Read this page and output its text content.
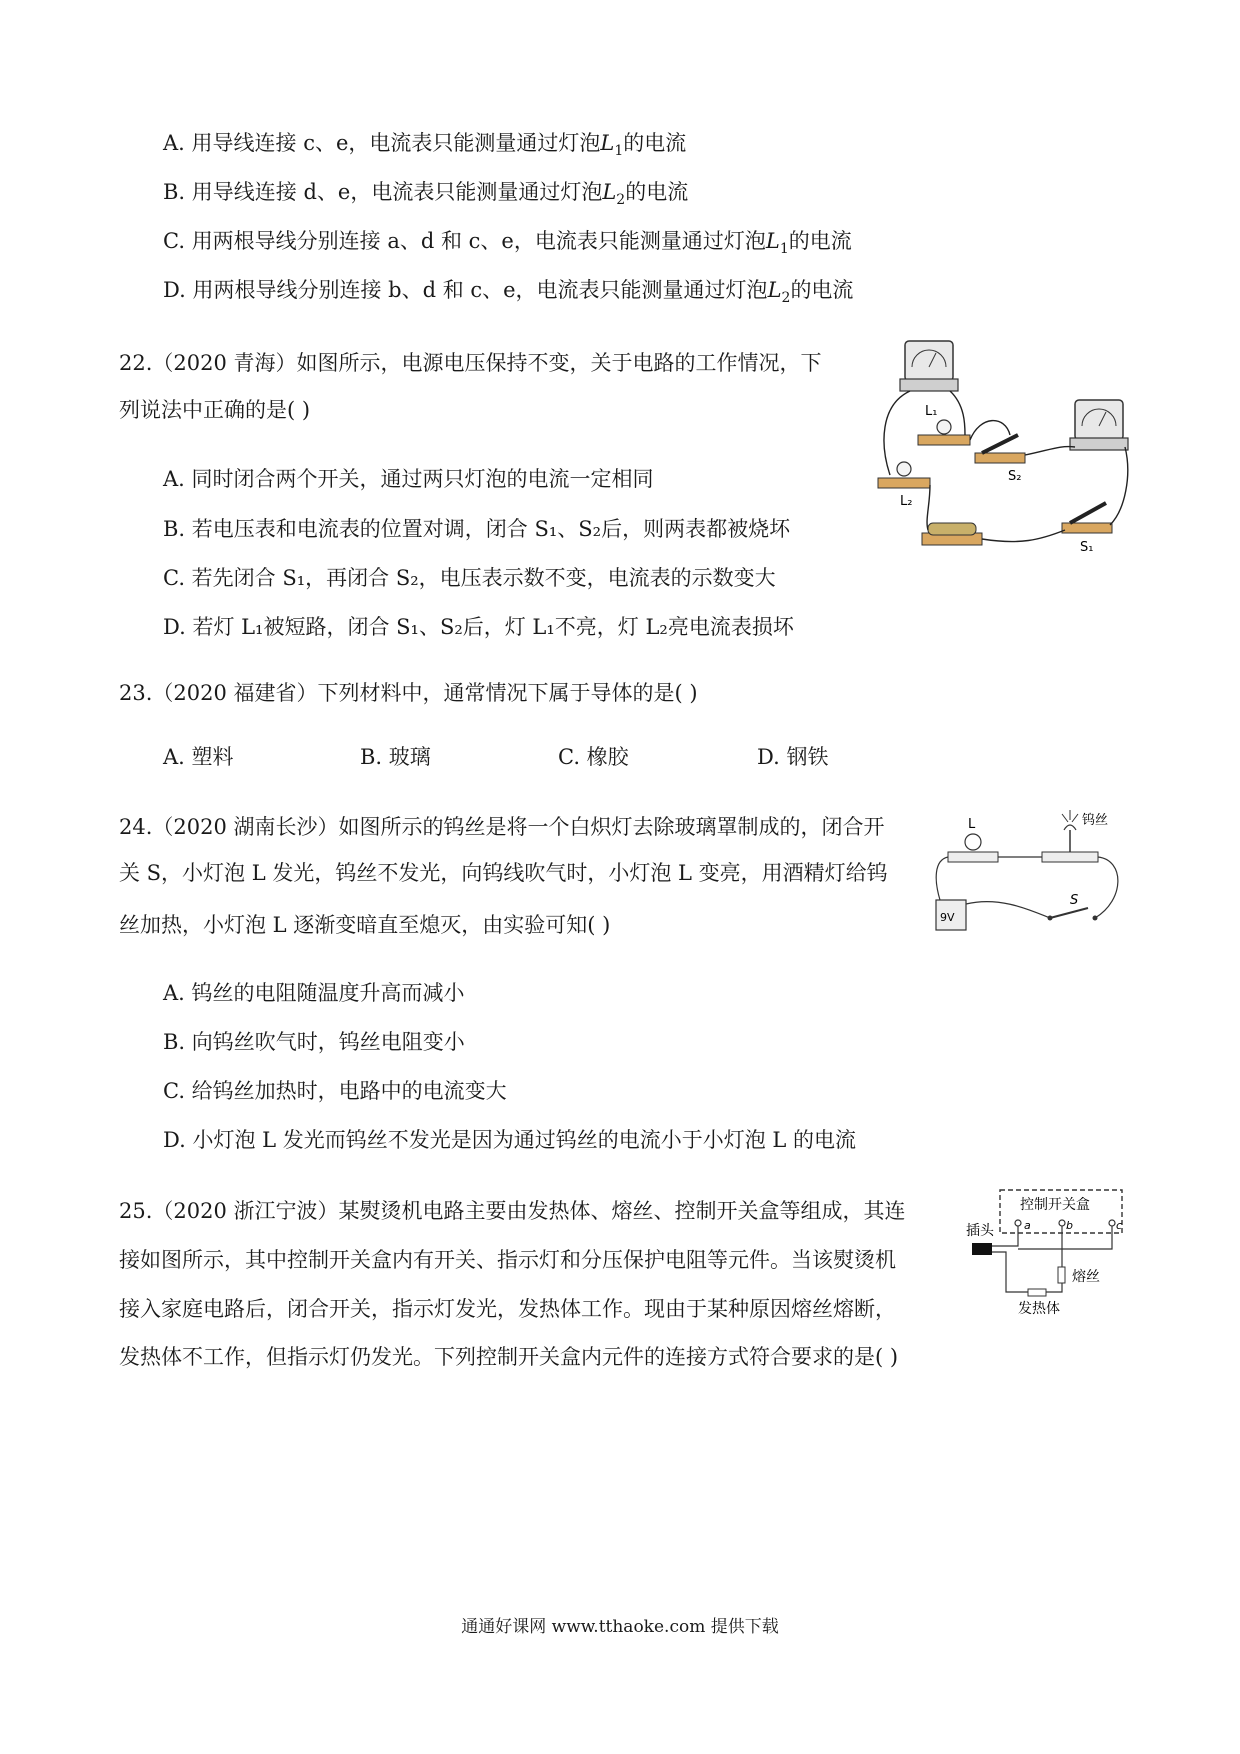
A. 用导线连接 c、e，电流表只能测量通过灯泡$L_1$的电流
B. 用导线连接 d、e，电流表只能测量通过灯泡$L_2$的电流
C. 用两根导线分别连接 a、d 和 c、e，电流表只能测量通过灯泡$L_1$的电流
D. 用两根导线分别连接 b、d 和 c、e，电流表只能测量通过灯泡$L_2$的电流
22.（2020 青海）如图所示，电源电压保持不变，关于电路的工作情况，下
列说法中正确的是( )
A. 同时闭合两个开关，通过两只灯泡的电流一定相同
B. 若电压表和电流表的位置对调，闭合 S₁、S₂后，则两表都被烧坏
C. 若先闭合 S₁，再闭合 S₂，电压表示数不变，电流表的示数变大
D. 若灯 L₁被短路，闭合 S₁、S₂后，灯 L₁不亮，灯 L₂亮电流表损坏
L₁
L₂
S₂
S₁
23.（2020 福建省）下列材料中，通常情况下属于导体的是( )
A. 塑料	B. 玻璃	C. 橡胶	D. 钢铁
24.（2020 湖南长沙）如图所示的钨丝是将一个白炽灯去除玻璃罩制成的，闭合开
关 S，小灯泡 L 发光，钨丝不发光，向钨线吹气时，小灯泡 L 变亮，用酒精灯给钨
丝加热，小灯泡 L 逐渐变暗直至熄灭，由实验可知( )
A. 钨丝的电阻随温度升高而减小
B. 向钨丝吹气时，钨丝电阻变小
C. 给钨丝加热时，电路中的电流变大
D. 小灯泡 L 发光而钨丝不发光是因为通过钨丝的电流小于小灯泡 L 的电流
L	钨丝
9V
S
25.（2020 浙江宁波）某熨烫机电路主要由发热体、熔丝、控制开关盒等组成，其连
接如图所示，其中控制开关盒内有开关、指示灯和分压保护电阻等元件。当该熨烫机
接入家庭电路后，闭合开关，指示灯发光，发热体工作。现由于某种原因熔丝熔断，
发热体不工作，但指示灯仍发光。下列控制开关盒内元件的连接方式符合要求的是( )
控制开关盒
a	b	c
插头
熔丝
发热体
通通好课网 www.tthaoke.com 提供下载
